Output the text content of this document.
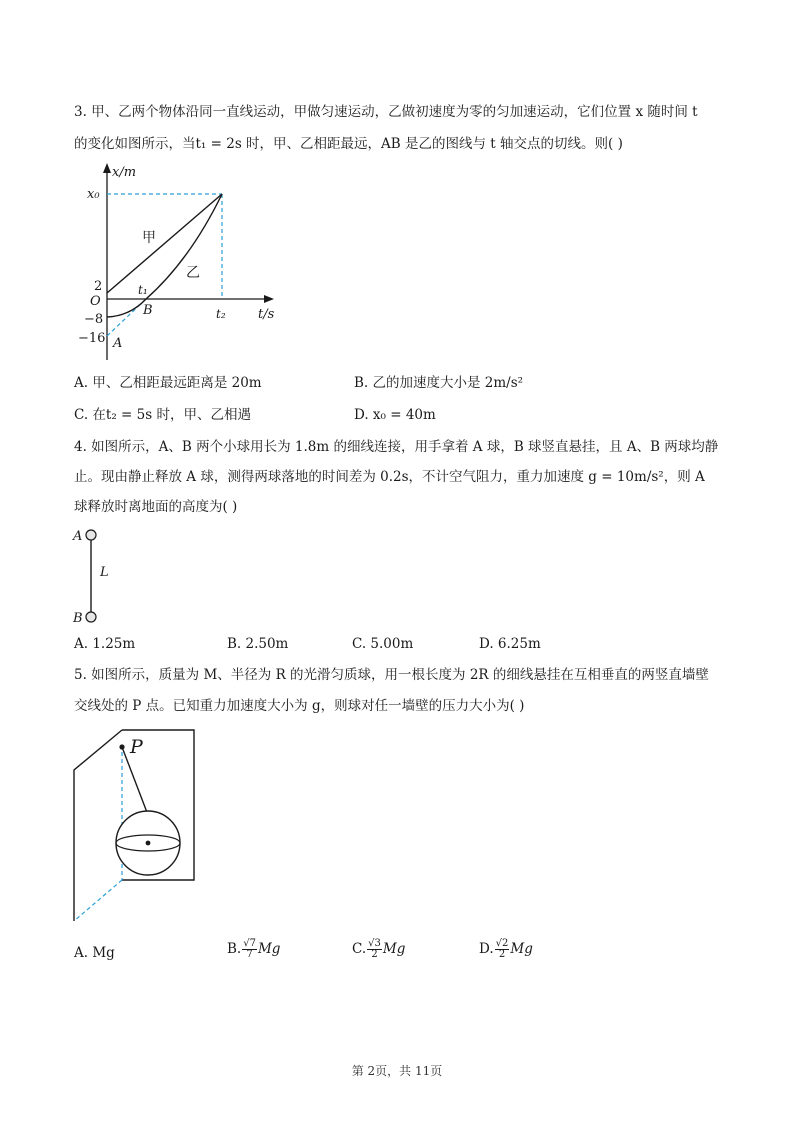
3. 甲、乙两个物体沿同一直线运动，甲做匀速运动，乙做初速度为零的匀加速运动，它们位置 x 随时间 t
的变化如图所示，当t₁ = 2s 时，甲、乙相距最远，AB 是乙的图线与 t 轴交点的切线。则( )
x/m
t/s
O
x₀
2
−8
−16
t₁
t₂
甲
乙
A
B
A. 甲、乙相距最远距离是 20m	B. 乙的加速度大小是 2m/s²
C. 在t₂ = 5s 时，甲、乙相遇	D. x₀ = 40m
4. 如图所示，A、B 两个小球用长为 1.8m 的细线连接，用手拿着 A 球，B 球竖直悬挂，且 A、B 两球均静
止。现由静止释放 A 球，测得两球落地的时间差为 0.2s，不计空气阻力，重力加速度 g = 10m/s²，则 A
球释放时离地面的高度为( )
A
B
L
A. 1.25m	B. 2.50m	C. 5.00m	D. 6.25m
5. 如图所示，质量为 M、半径为 R 的光滑匀质球，用一根长度为 2R 的细线悬挂在互相垂直的两竖直墙壁
交线处的 P 点。已知重力加速度大小为 g，则球对任一墙壁的压力大小为( )
P
A. Mg	B. $\frac{√7}{7}$ Mg	C. $\frac{√3}{2}$ Mg	D. $\frac{√2}{2}$ Mg
第 2页，共 11页
